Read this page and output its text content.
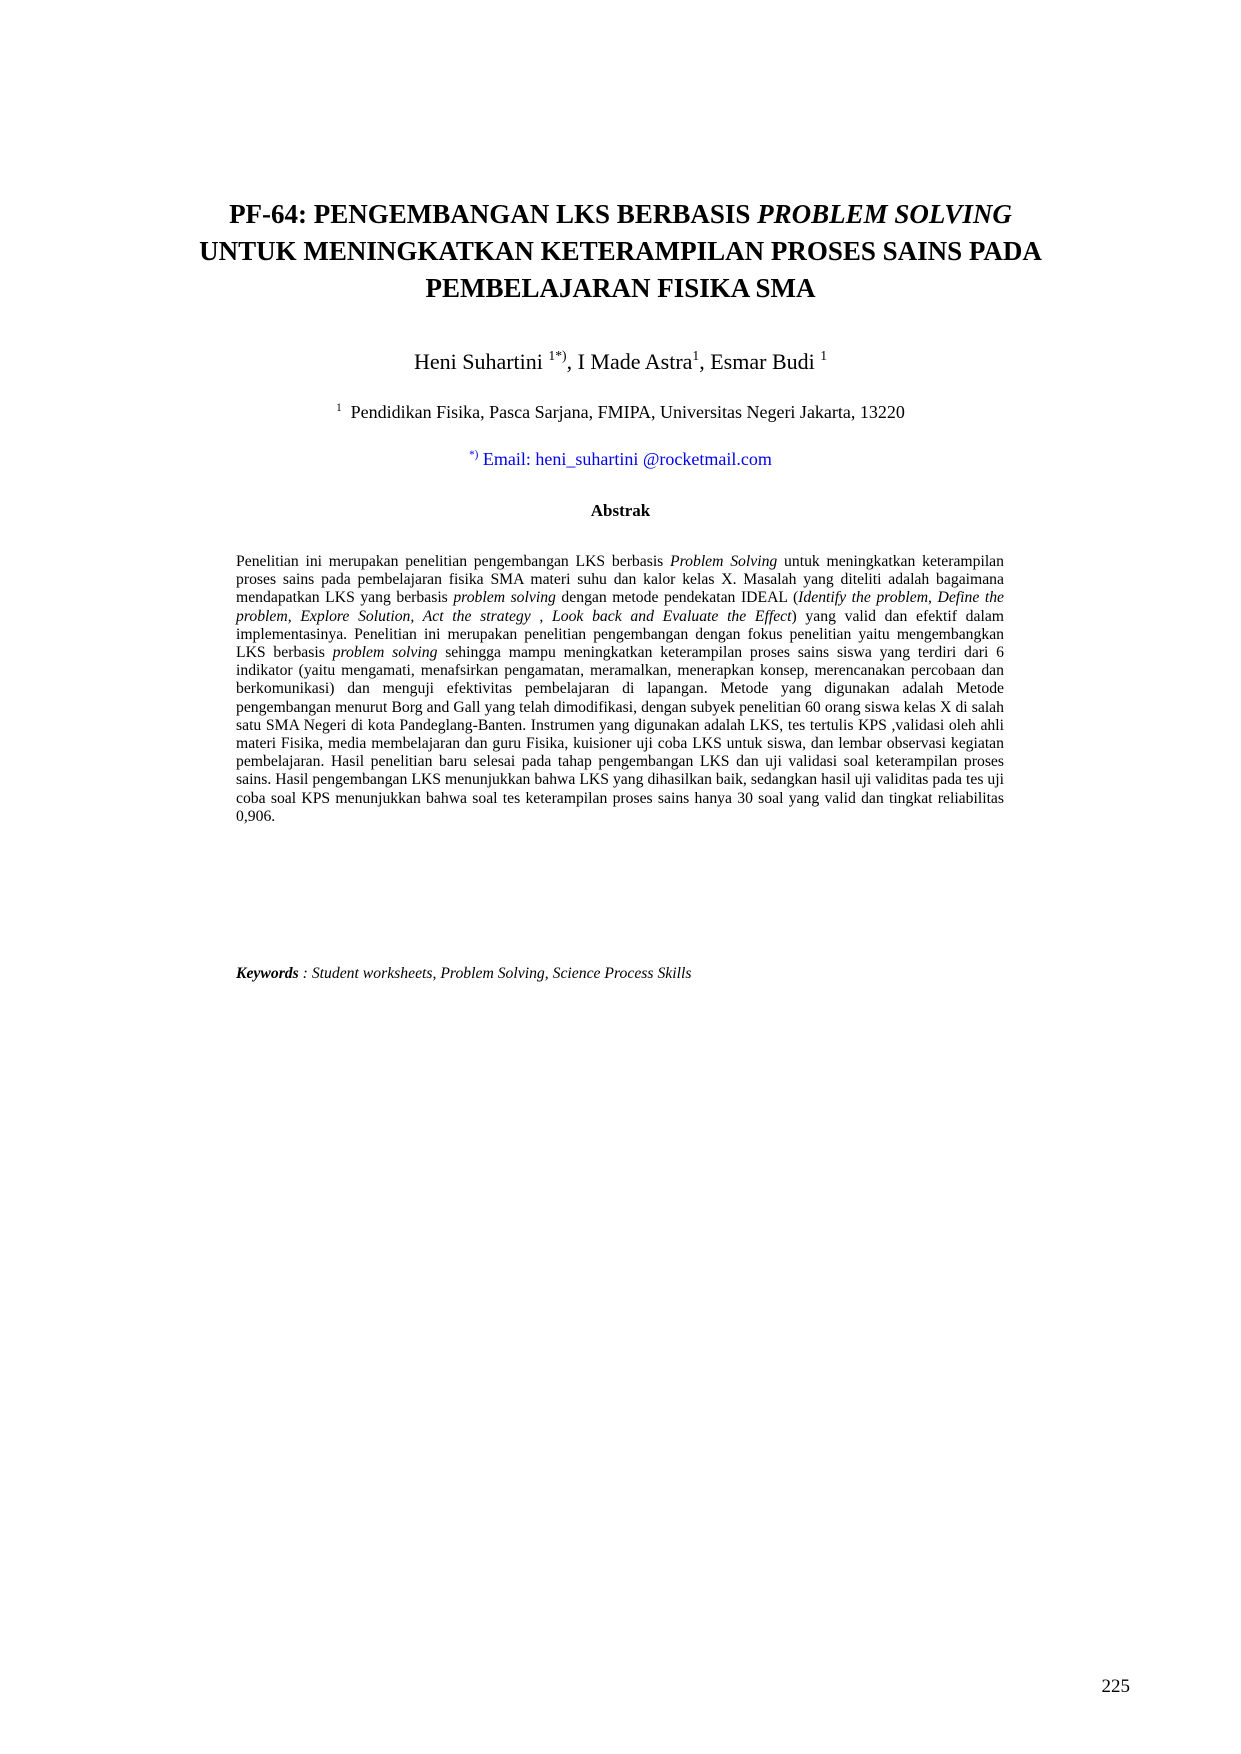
PF-64: PENGEMBANGAN LKS BERBASIS PROBLEM SOLVING
UNTUK MENINGKATKAN KETERAMPILAN PROSES SAINS PADA
PEMBELAJARAN FISIKA SMA
Heni Suhartini $^{1*)}$, I Made Astra$^1$, Esmar Budi $^1$
$^1$  Pendidikan Fisika, Pasca Sarjana, FMIPA, Universitas Negeri Jakarta, 13220
*) Email: heni_suhartini @rocketmail.com
Abstrak

Penelitian ini merupakan penelitian pengembangan LKS berbasis Problem Solving untuk meningkatkan keterampilan proses sains pada pembelajaran fisika SMA materi suhu dan kalor kelas X. Masalah yang diteliti adalah bagaimana mendapatkan LKS yang berbasis problem solving dengan metode pendekatan IDEAL (Identify the problem, Define the problem, Explore Solution, Act the strategy , Look back and Evaluate the Effect) yang valid dan efektif dalam implementasinya. Penelitian ini merupakan penelitian pengembangan dengan fokus penelitian yaitu mengembangkan LKS berbasis problem solving sehingga mampu meningkatkan keterampilan proses sains siswa yang terdiri dari 6 indikator (yaitu mengamati, menafsirkan pengamatan, meramalkan, menerapkan konsep, merencanakan percobaan dan berkomunikasi) dan menguji efektivitas pembelajaran di lapangan. Metode yang digunakan adalah Metode pengembangan menurut Borg and Gall yang telah dimodifikasi, dengan subyek penelitian 60 orang siswa kelas X di salah satu SMA Negeri di kota Pandeglang-Banten. Instrumen yang digunakan adalah LKS, tes tertulis KPS ,validasi oleh ahli materi Fisika, media membelajaran dan guru Fisika, kuisioner uji coba LKS untuk siswa, dan lembar observasi kegiatan pembelajaran. Hasil penelitian baru selesai pada tahap pengembangan LKS dan uji validasi soal keterampilan proses sains. Hasil pengembangan LKS menunjukkan bahwa LKS yang dihasilkan baik, sedangkan hasil uji validitas pada tes uji coba soal KPS menunjukkan bahwa soal tes keterampilan proses sains hanya 30 soal yang valid dan tingkat reliabilitas 0,906.

Keywords : Student worksheets, Problem Solving, Science Process Skills
225
